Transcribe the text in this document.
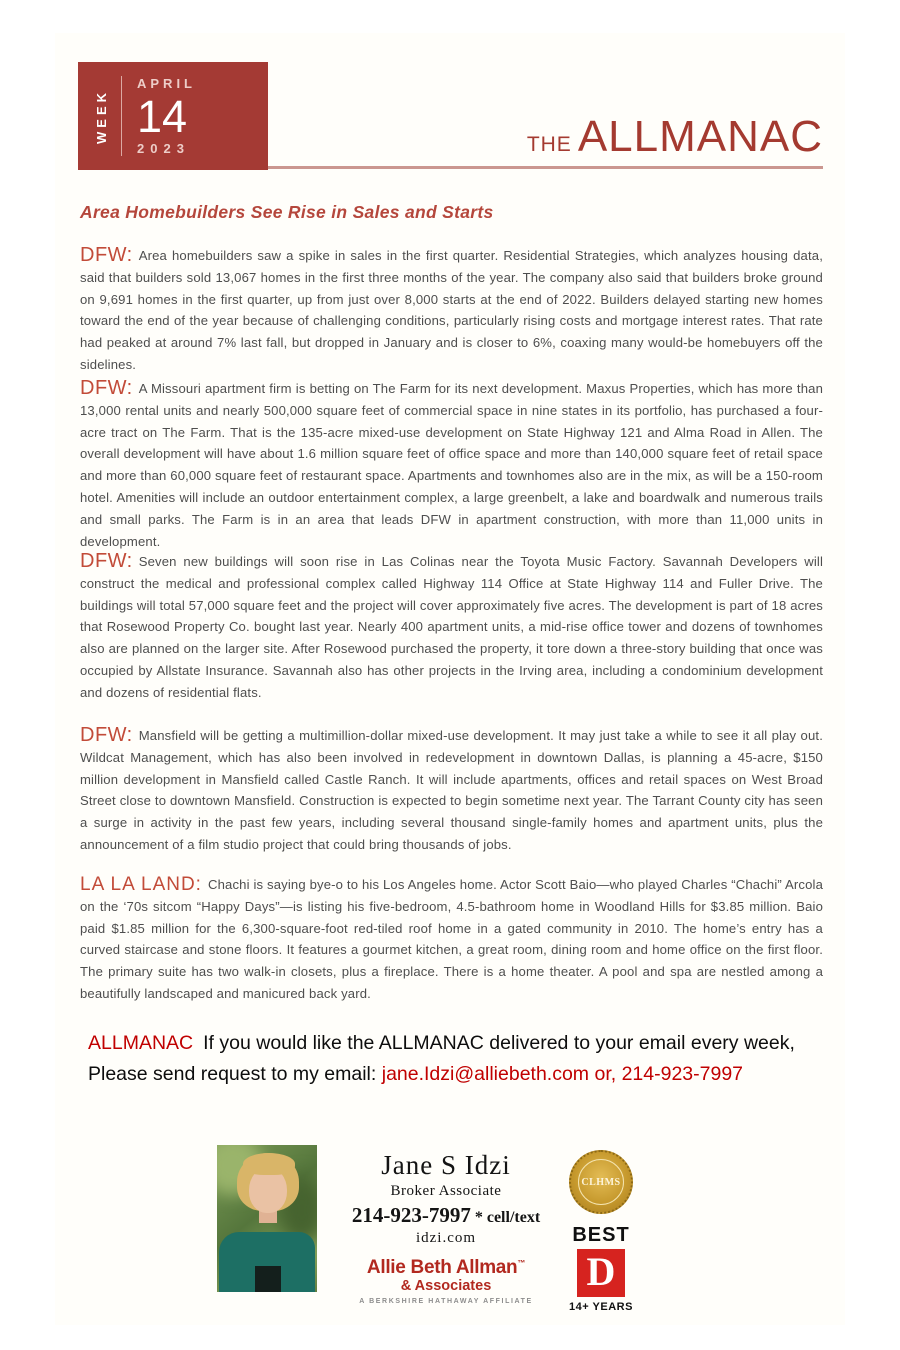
WEEK
APRIL
14
2023	THE ALLMANAC
Area Homebuilders See Rise in Sales and Starts
DFW: Area homebuilders saw a spike in sales in the first quarter. Residential Strategies, which analyzes housing data, said that builders sold 13,067 homes in the first three months of the year. The company also said that builders broke ground on 9,691 homes in the first quarter, up from just over 8,000 starts at the end of 2022. Builders delayed starting new homes toward the end of the year because of challenging conditions, particularly rising costs and mortgage interest rates. That rate had peaked at around 7% last fall, but dropped in January and is closer to 6%, coaxing many would-be homebuyers off the sidelines.
DFW: A Missouri apartment firm is betting on The Farm for its next development. Maxus Properties, which has more than 13,000 rental units and nearly 500,000 square feet of commercial space in nine states in its portfolio, has purchased a four-acre tract on The Farm. That is the 135-acre mixed-use development on State Highway 121 and Alma Road in Allen. The overall development will have about 1.6 million square feet of office space and more than 140,000 square feet of retail space and more than 60,000 square feet of restaurant space. Apartments and townhomes also are in the mix, as will be a 150-room hotel. Amenities will include an outdoor entertainment complex, a large greenbelt, a lake and boardwalk and numerous trails and small parks. The Farm is in an area that leads DFW in apartment construction, with more than 11,000 units in development.
DFW: Seven new buildings will soon rise in Las Colinas near the Toyota Music Factory. Savannah Developers will construct the medical and professional complex called Highway 114 Office at State Highway 114 and Fuller Drive. The buildings will total 57,000 square feet and the project will cover approximately five acres. The development is part of 18 acres that Rosewood Property Co. bought last year. Nearly 400 apartment units, a mid-rise office tower and dozens of townhomes also are planned on the larger site. After Rosewood purchased the property, it tore down a three-story building that once was occupied by Allstate Insurance. Savannah also has other projects in the Irving area, including a condominium development and dozens of residential flats.
DFW: Mansfield will be getting a multimillion-dollar mixed-use development. It may just take a while to see it all play out. Wildcat Management, which has also been involved in redevelopment in downtown Dallas, is planning a 45-acre, $150 million development in Mansfield called Castle Ranch. It will include apartments, offices and retail spaces on West Broad Street close to downtown Mansfield. Construction is expected to begin sometime next year. The Tarrant County city has seen a surge in activity in the past few years, including several thousand single-family homes and apartment units, plus the announcement of a film studio project that could bring thousands of jobs.
LA LA LAND: Chachi is saying bye-o to his Los Angeles home. Actor Scott Baio—who played Charles “Chachi” Arcola on the ‘70s sitcom “Happy Days”—is listing his five-bedroom, 4.5-bathroom home in Woodland Hills for $3.85 million. Baio paid $1.85 million for the 6,300-square-foot red-tiled roof home in a gated community in 2010. The home’s entry has a curved staircase and stone floors. It features a gourmet kitchen, a great room, dining room and home office on the first floor. The primary suite has two walk-in closets, plus a fireplace. There is a home theater. A pool and spa are nestled among a beautifully landscaped and manicured back yard.
ALLMANAC If you would like the ALLMANAC delivered to your email every week,
Please send request to my email: jane.Idzi@alliebeth.com or, 214-923-7997
Jane S Idzi
Broker Associate
214-923-7997 * cell/text
idzi.com
Allie Beth Allman™
& Associates
A BERKSHIRE HATHAWAY AFFILIATE
CLHMS
BEST
D
14+ YEARS
